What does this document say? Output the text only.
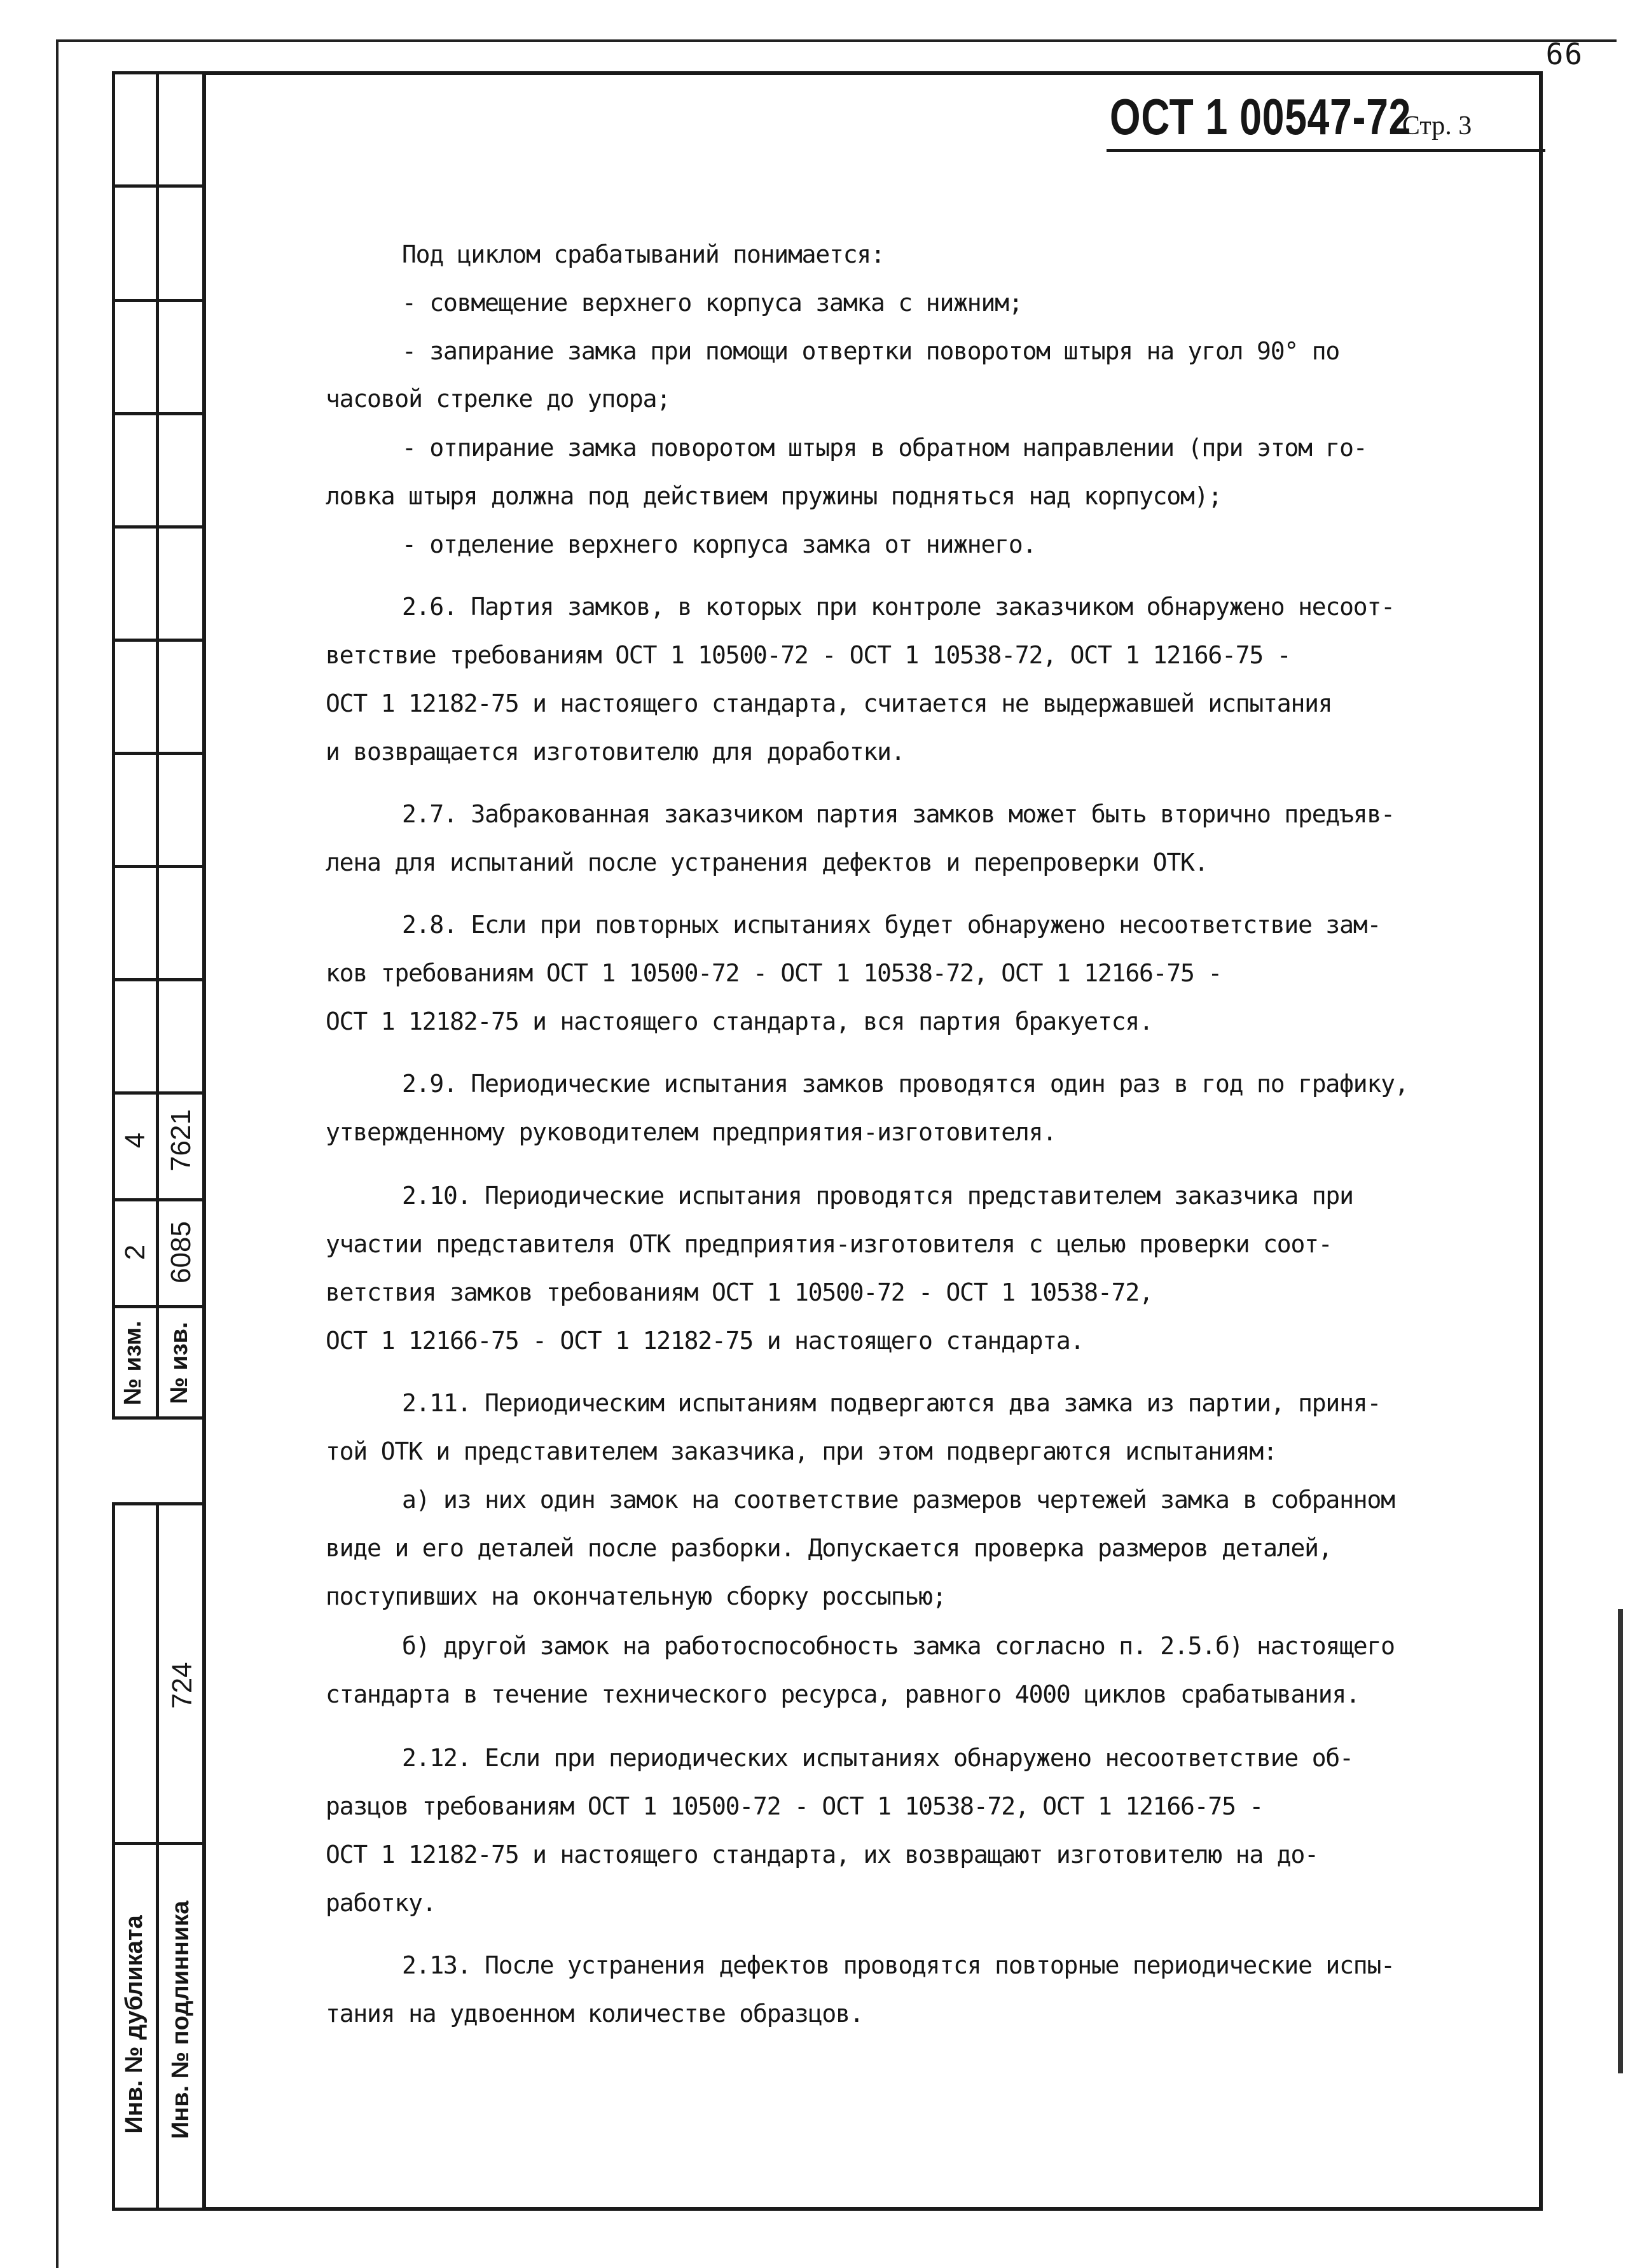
66
ОСТ 1 00547-72
Стр. 3
4 7621
2 6085
№ изм. № изв.
724
Инв. № дубликата Инв. № подлинника
Под циклом срабатываний понимается:
- совмещение верхнего корпуса замка с нижним;
- запирание замка при помощи отвертки поворотом штыря на угол 90° по
часовой стрелке до упора;
- отпирание замка поворотом штыря в обратном направлении (при этом го-
ловка штыря должна под действием пружины подняться над корпусом);
- отделение верхнего корпуса замка от нижнего.
2.6. Партия замков, в которых при контроле заказчиком обнаружено несоот-
ветствие требованиям ОСТ 1 10500-72 - ОСТ 1 10538-72, ОСТ 1 12166-75 -
ОСТ 1 12182-75 и настоящего стандарта, считается не выдержавшей испытания
и возвращается изготовителю для доработки.
2.7. Забракованная заказчиком партия замков может быть вторично предъяв-
лена для испытаний после устранения дефектов и перепроверки ОТК.
2.8. Если при повторных испытаниях будет обнаружено несоответствие зам-
ков требованиям ОСТ 1 10500-72 - ОСТ 1 10538-72, ОСТ 1 12166-75 -
ОСТ 1 12182-75 и настоящего стандарта, вся партия бракуется.
2.9. Периодические испытания замков проводятся один раз в год по графику,
утвержденному руководителем предприятия-изготовителя.
2.10. Периодические испытания проводятся представителем заказчика при
участии представителя ОТК предприятия-изготовителя с целью проверки соот-
ветствия замков требованиям ОСТ 1 10500-72 - ОСТ 1 10538-72,
ОСТ 1 12166-75 - ОСТ 1 12182-75 и настоящего стандарта.
2.11. Периодическим испытаниям подвергаются два замка из партии, приня-
той ОТК и представителем заказчика, при этом подвергаются испытаниям:
а) из них один замок на соответствие размеров чертежей замка в собранном
виде и его деталей после разборки. Допускается проверка размеров деталей,
поступивших на окончательную сборку россыпью;
б) другой замок на работоспособность замка согласно п. 2.5.б) настоящего
стандарта в течение технического ресурса, равного 4000 циклов срабатывания.
2.12. Если при периодических испытаниях обнаружено несоответствие об-
разцов требованиям ОСТ 1 10500-72 - ОСТ 1 10538-72, ОСТ 1 12166-75 -
ОСТ 1 12182-75 и настоящего стандарта, их возвращают изготовителю на до-
работку.
2.13. После устранения дефектов проводятся повторные периодические испы-
тания на удвоенном количестве образцов.
